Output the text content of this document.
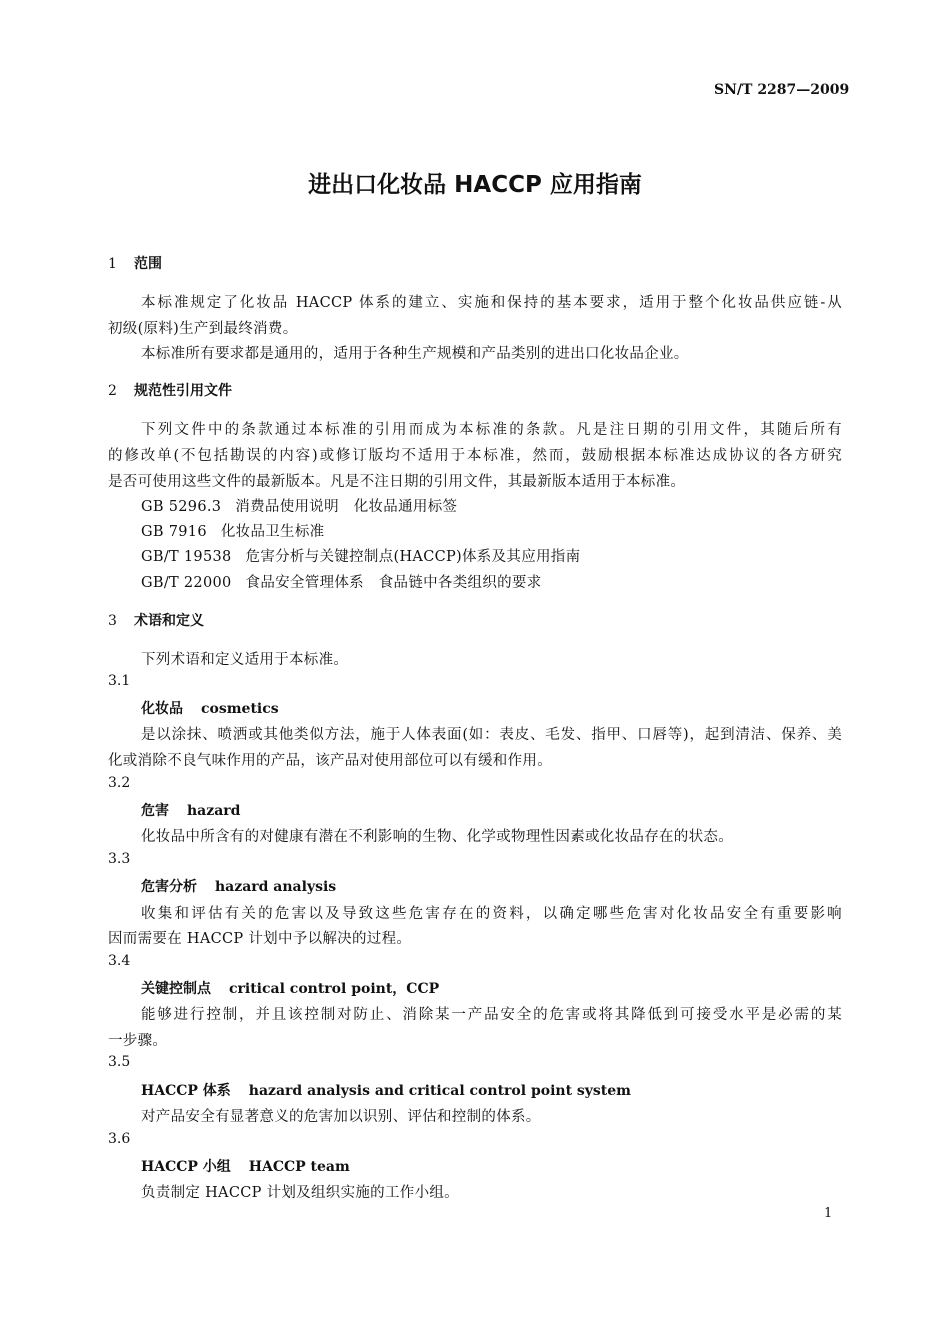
SN/T 2287—2009
进出口化妆品 HACCP 应用指南
1 范围
本标准规定了化妆品 HACCP 体系的建立、实施和保持的基本要求，适用于整个化妆品供应链-从
初级(原料)生产到最终消费。
本标准所有要求都是通用的，适用于各种生产规模和产品类别的进出口化妆品企业。
2 规范性引用文件
下列文件中的条款通过本标准的引用而成为本标准的条款。凡是注日期的引用文件，其随后所有
的修改单(不包括勘误的内容)或修订版均不适用于本标准，然而，鼓励根据本标准达成协议的各方研究
是否可使用这些文件的最新版本。凡是不注日期的引用文件，其最新版本适用于本标准。
GB 5296.3 消费品使用说明　化妆品通用标签
GB 7916 化妆品卫生标准
GB/T 19538 危害分析与关键控制点(HACCP)体系及其应用指南
GB/T 22000 食品安全管理体系　食品链中各类组织的要求
3 术语和定义
下列术语和定义适用于本标准。
3.1
化妆品 cosmetics
是以涂抹、喷洒或其他类似方法，施于人体表面(如：表皮、毛发、指甲、口唇等)，起到清洁、保养、美
化或消除不良气味作用的产品，该产品对使用部位可以有缓和作用。
3.2
危害 hazard
化妆品中所含有的对健康有潜在不利影响的生物、化学或物理性因素或化妆品存在的状态。
3.3
危害分析 hazard analysis
收集和评估有关的危害以及导致这些危害存在的资料，以确定哪些危害对化妆品安全有重要影响
因而需要在 HACCP 计划中予以解决的过程。
3.4
关键控制点 critical control point，CCP
能够进行控制，并且该控制对防止、消除某一产品安全的危害或将其降低到可接受水平是必需的某
一步骤。
3.5
HACCP 体系 hazard analysis and critical control point system
对产品安全有显著意义的危害加以识别、评估和控制的体系。
3.6
HACCP 小组 HACCP team
负责制定 HACCP 计划及组织实施的工作小组。
1
